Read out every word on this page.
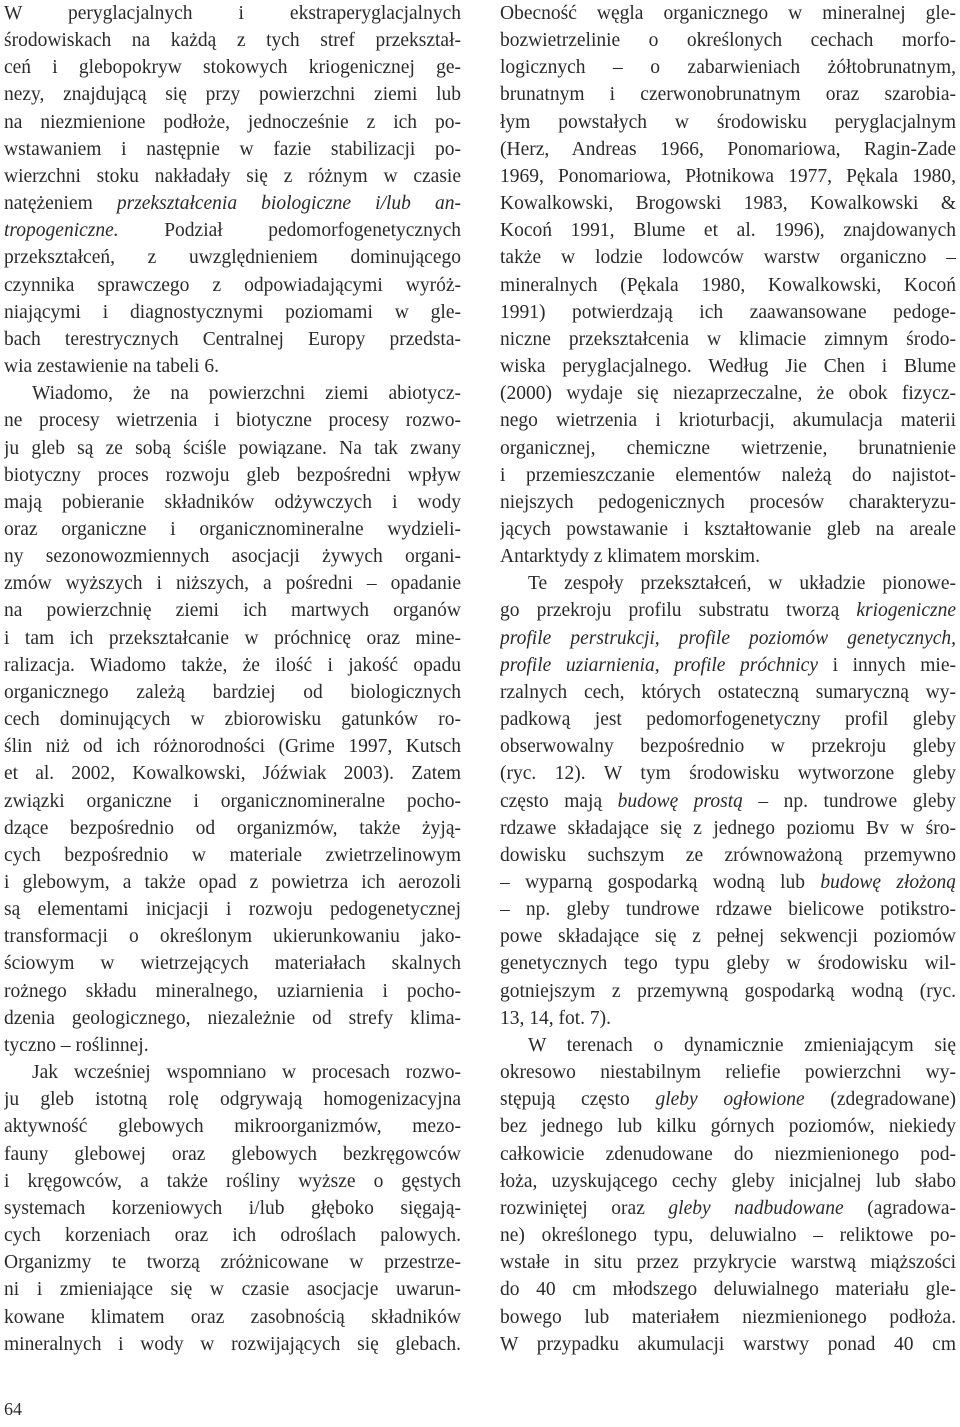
W peryglacjalnych i ekstraperyglacjalnych
środowiskach na każdą z tych stref przekształ-
ceń i glebopokryw stokowych kriogenicznej ge-
nezy, znajdującą się przy powierzchni ziemi lub
na niezmienione podłoże, jednocześnie z ich po-
wstawaniem i następnie w fazie stabilizacji po-
wierzchni stoku nakładały się z różnym w czasie
natężeniem przekształcenia biologiczne i/lub an-
tropogeniczne. Podział pedomorfogenetycznych
przekształceń, z uwzględnieniem dominującego
czynnika sprawczego z odpowiadającymi wyróż-
niającymi i diagnostycznymi poziomami w gle-
bach terestrycznych Centralnej Europy przedsta-
wia zestawienie na tabeli 6.
Wiadomo, że na powierzchni ziemi abiotycz-
ne procesy wietrzenia i biotyczne procesy rozwo-
ju gleb są ze sobą ściśle powiązane. Na tak zwany
biotyczny proces rozwoju gleb bezpośredni wpływ
mają pobieranie składników odżywczych i wody
oraz organiczne i organicznomineralne wydzieli-
ny sezonowozmiennych asocjacji żywych organi-
zmów wyższych i niższych, a pośredni – opadanie
na powierzchnię ziemi ich martwych organów
i tam ich przekształcanie w próchnicę oraz mine-
ralizacja. Wiadomo także, że ilość i jakość opadu
organicznego zależą bardziej od biologicznych
cech dominujących w zbiorowisku gatunków ro-
ślin niż od ich różnorodności (Grime 1997, Kutsch
et al. 2002, Kowalkowski, Jóźwiak 2003). Zatem
związki organiczne i organicznomineralne pocho-
dzące bezpośrednio od organizmów, także żyją-
cych bezpośrednio w materiale zwietrzelinowym
i glebowym, a także opad z powietrza ich aerozoli
są elementami inicjacji i rozwoju pedogenetycznej
transformacji o określonym ukierunkowaniu jako-
ściowym w wietrzejących materiałach skalnych
rożnego składu mineralnego, uziarnienia i pocho-
dzenia geologicznego, niezależnie od strefy klima-
tyczno – roślinnej.
Jak wcześniej wspomniano w procesach rozwo-
ju gleb istotną rolę odgrywają homogenizacyjna
aktywność glebowych mikroorganizmów, mezo-
fauny glebowej oraz glebowych bezkręgowców
i kręgowców, a także rośliny wyższe o gęstych
systemach korzeniowych i/lub głęboko sięgają-
cych korzeniach oraz ich odroślach palowych.
Organizmy te tworzą zróżnicowane w przestrze-
ni i zmieniające się w czasie asocjacje uwarun-
kowane klimatem oraz zasobnością składników
mineralnych i wody w rozwijających się glebach.
Obecność węgla organicznego w mineralnej gle-
bozwietrzelinie o określonych cechach morfo-
logicznych – o zabarwieniach żółtobrunatnym,
brunatnym i czerwonobrunatnym oraz szarobia-
łym powstałych w środowisku peryglacjalnym
(Herz, Andreas 1966, Ponomariowa, Ragin-Zade
1969, Ponomariowa, Płotnikowa 1977, Pękala 1980,
Kowalkowski, Brogowski 1983, Kowalkowski &
Kocoń 1991, Blume et al. 1996), znajdowanych
także w lodzie lodowców warstw organiczno –
mineralnych (Pękala 1980, Kowalkowski, Kocoń
1991) potwierdzają ich zaawansowane pedoge-
niczne przekształcenia w klimacie zimnym środo-
wiska peryglacjalnego. Według Jie Chen i Blume
(2000) wydaje się niezaprzeczalne, że obok fizycz-
nego wietrzenia i krioturbacji, akumulacja materii
organicznej, chemiczne wietrzenie, brunatnienie
i przemieszczanie elementów należą do najistot-
niejszych pedogenicznych procesów charakteryzu-
jących powstawanie i kształtowanie gleb na areale
Antarktydy z klimatem morskim.
Te zespoły przekształceń, w układzie pionowe-
go przekroju profilu substratu tworzą kriogeniczne
profile perstrukcji, profile poziomów genetycznych,
profile uziarnienia, profile próchnicy i innych mie-
rzalnych cech, których ostateczną sumaryczną wy-
padkową jest pedomorfogenetyczny profil gleby
obserwowalny bezpośrednio w przekroju gleby
(ryc. 12). W tym środowisku wytworzone gleby
często mają budowę prostą – np. tundrowe gleby
rdzawe składające się z jednego poziomu Bv w śro-
dowisku suchszym ze zrównoważoną przemywno
– wyparną gospodarką wodną lub budowę złożoną
– np. gleby tundrowe rdzawe bielicowe potikstro-
powe składające się z pełnej sekwencji poziomów
genetycznych tego typu gleby w środowisku wil-
gotniejszym z przemywną gospodarką wodną (ryc.
13, 14, fot. 7).
W terenach o dynamicznie zmieniającym się
okresowo niestabilnym reliefie powierzchni wy-
stępują często gleby ogłowione (zdegradowane)
bez jednego lub kilku górnych poziomów, niekiedy
całkowicie zdenudowane do niezmienionego pod-
łoża, uzyskującego cechy gleby inicjalnej lub słabo
rozwiniętej oraz gleby nadbudowane (agradowa-
ne) określonego typu, deluwialno – reliktowe po-
wstałe in situ przez przykrycie warstwą miąższości
do 40 cm młodszego deluwialnego materiału gle-
bowego lub materiałem niezmienionego podłoża.
W przypadku akumulacji warstwy ponad 40 cm
64
